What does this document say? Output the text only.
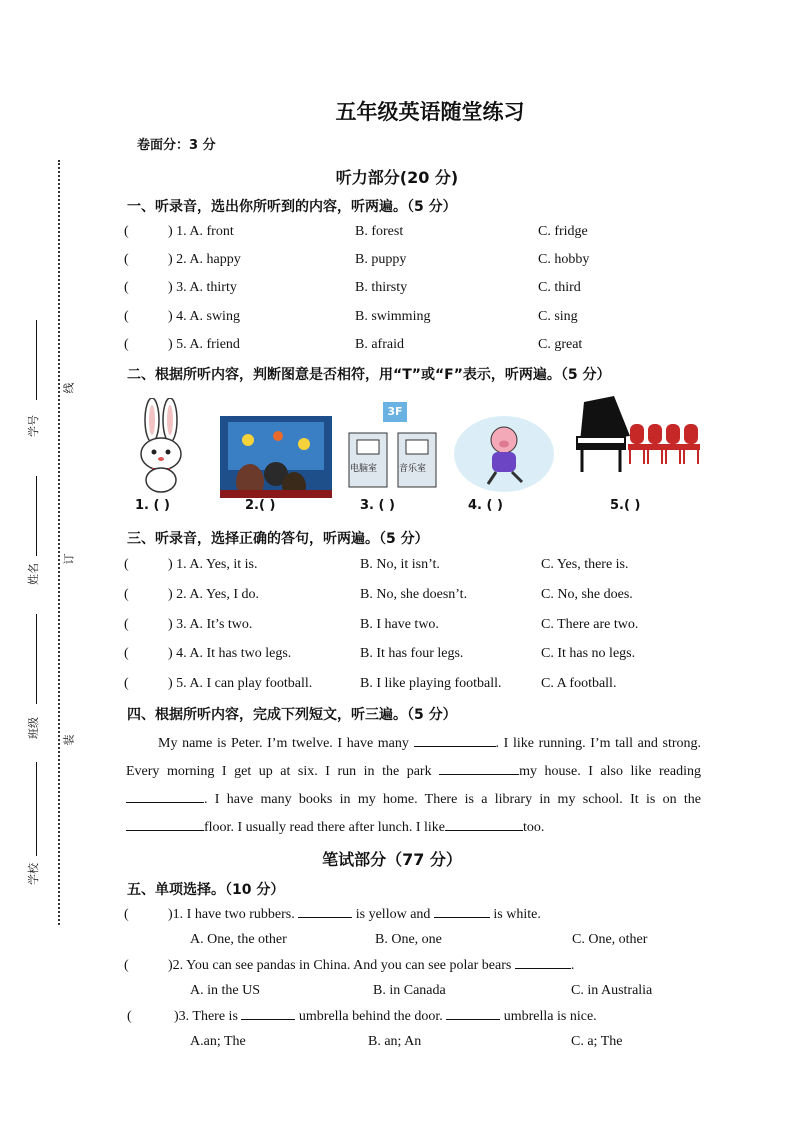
线
订
装
学号
姓名
班级
学校
五年级英语随堂练习
卷面分：3 分
听力部分(20 分)
一、听录音，选出你所听到的内容，听两遍。（5 分）
(	) 1. A. front	B. forest	C. fridge
(	) 2. A. happy	B. puppy	C. hobby
(	) 3. A. thirty	B. thirsty	C. third
(	) 4. A. swing	B. swimming	C. sing
(	) 5. A. friend	B. afraid	C. great
二、根据所听内容，判断图意是否相符，用“T”或“F”表示，听两遍。（5 分）
3F
电脑室 音乐室
1. ( )	2.( )	3. ( )	4. ( )	5.( )
三、听录音，选择正确的答句，听两遍。（5 分）
(	) 1. A. Yes, it is.	B. No, it isn’t.	C. Yes, there is.
(	) 2. A. Yes, I do.	B. No, she doesn’t.	C. No, she does.
(	) 3. A. It’s two.	B. I have two.	C. There are two.
(	) 4. A. It has two legs.	B. It has four legs.	C. It has no legs.
(	) 5. A. I can play football.	B. I like playing football.	C. A football.
四、根据所听内容，完成下列短文，听三遍。（5 分）
My name is Peter. I’m twelve. I have many	. I like running. I’m tall and strong. Every morning I get up at six. I run in the park	my house. I also like reading . I have many books in my home. There is a library in my school. It is on the floor. I usually read there after lunch. I like	too.
笔试部分（77 分）
五、单项选择。（10 分）
(	)1. I have two rubbers.	is yellow and	is white.
A. One, the other	B. One, one	C. One, other
(	)2. You can see pandas in China. And you can see polar bears	.
A. in the US	B. in Canada	C. in Australia
(	)3. There is	umbrella behind the door.	umbrella is nice.
A.an; The	B. an; An	C. a; The
